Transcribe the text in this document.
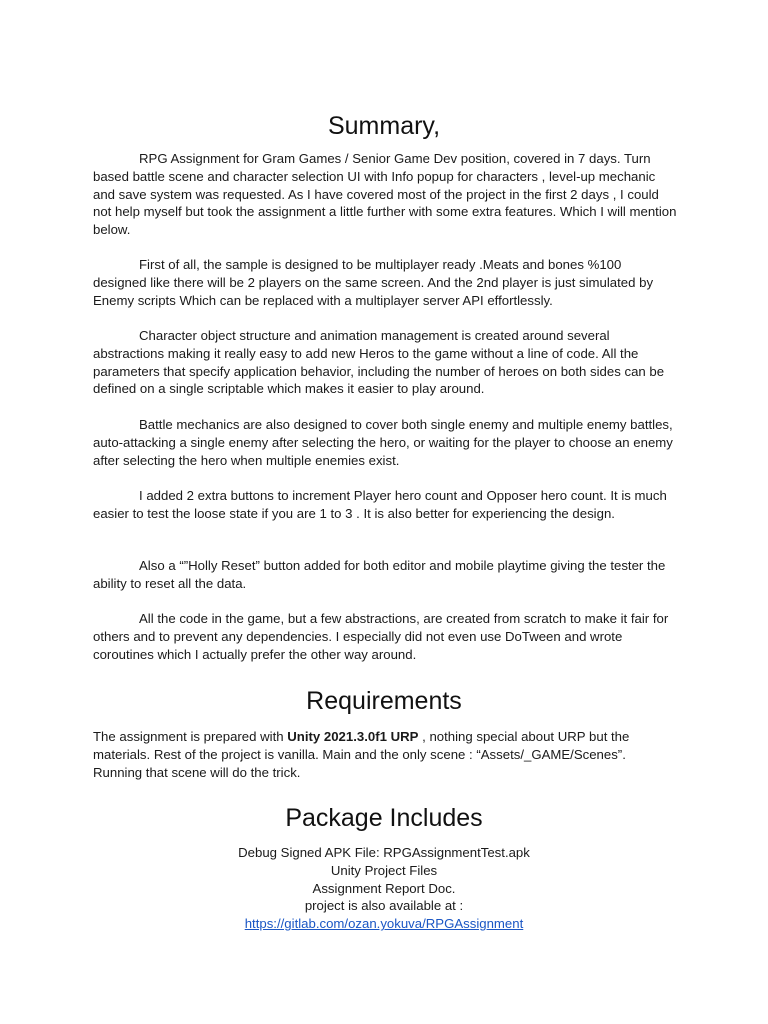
Summary,

RPG Assignment for Gram Games / Senior Game Dev position, covered in 7 days. Turn based battle scene and character selection UI with Info popup for characters , level-up mechanic and save system was requested. As I have covered most of the project in the first 2 days , I could not help myself but took the assignment a little further with some extra features. Which I will mention below.

First of all, the sample is designed to be multiplayer ready .Meats and bones %100 designed like there will be 2 players on the same screen. And the 2nd player is just simulated by Enemy scripts Which can be replaced with a multiplayer server API effortlessly.

Character object structure and animation management is created around several abstractions making it really easy to add new Heros to the game without a line of code. All the parameters that specify application behavior, including the number of heroes on both sides can be defined on a single scriptable which makes it easier to play around.

Battle mechanics are also designed to cover both single enemy and multiple enemy battles, auto-attacking a single enemy after selecting the hero, or waiting for the player to choose an enemy after selecting the hero when multiple enemies exist.

I added 2 extra buttons to increment Player hero count and Opposer hero count. It is much easier to test the loose state if you are 1 to 3 . It is also better for experiencing the design.

Also a “”Holly Reset” button added for both editor and mobile playtime giving the tester the ability to reset all the data.

All the code in the game, but a few abstractions, are created from scratch to make it fair for others and to prevent any dependencies. I especially did not even use DoTween and wrote coroutines which I actually prefer the other way around.

Requirements

The assignment is prepared with Unity 2021.3.0f1 URP , nothing special about URP but the materials. Rest of the project is vanilla. Main and the only scene : “Assets/_GAME/Scenes”. Running that scene will do the trick.

Package Includes
Debug Signed APK File: RPGAssignmentTest.apk
Unity Project Files
Assignment Report Doc.
project is also available at :
https://gitlab.com/ozan.yokuva/RPGAssignment
